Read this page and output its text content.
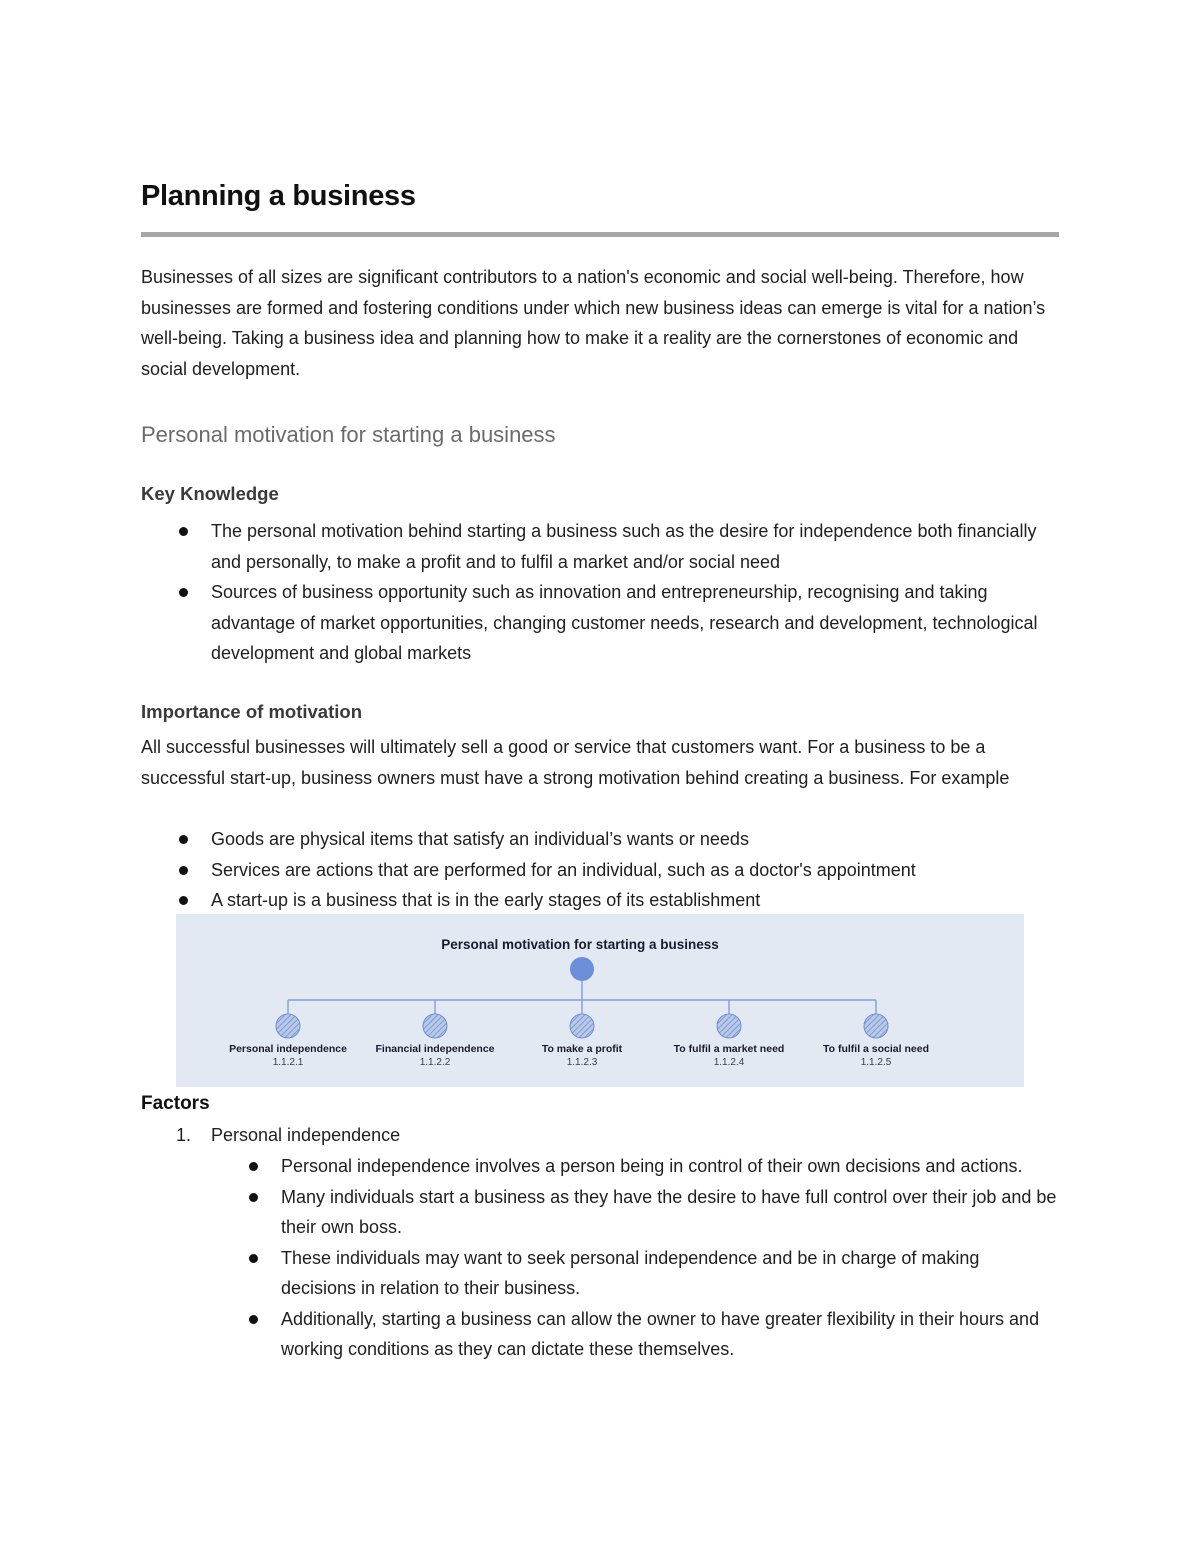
Planning a business
Businesses of all sizes are significant contributors to a nation's economic and social well-being. Therefore, how businesses are formed and fostering conditions under which new business ideas can emerge is vital for a nation’s well-being. Taking a business idea and planning how to make it a reality are the cornerstones of economic and social development.
Personal motivation for starting a business
Key Knowledge
The personal motivation behind starting a business such as the desire for independence both financially and personally, to make a profit and to fulfil a market and/or social need
Sources of business opportunity such as innovation and entrepreneurship, recognising and taking advantage of market opportunities, changing customer needs, research and development, technological development and global markets
Importance of motivation
All successful businesses will ultimately sell a good or service that customers want. For a business to be a successful start-up, business owners must have a strong motivation behind creating a business. For example
Goods are physical items that satisfy an individual’s wants or needs
Services are actions that are performed for an individual, such as a doctor's appointment
A start-up is a business that is in the early stages of its establishment
Personal motivation for starting a business
Personal independence
1.1.2.1
Financial independence
1.1.2.2
To make a profit
1.1.2.3
To fulfil a market need
1.1.2.4
To fulfil a social need
1.1.2.5
Factors
1. Personal independence
Personal independence involves a person being in control of their own decisions and actions.
Many individuals start a business as they have the desire to have full control over their job and be their own boss.
These individuals may want to seek personal independence and be in charge of making decisions in relation to their business.
Additionally, starting a business can allow the owner to have greater flexibility in their hours and working conditions as they can dictate these themselves.
